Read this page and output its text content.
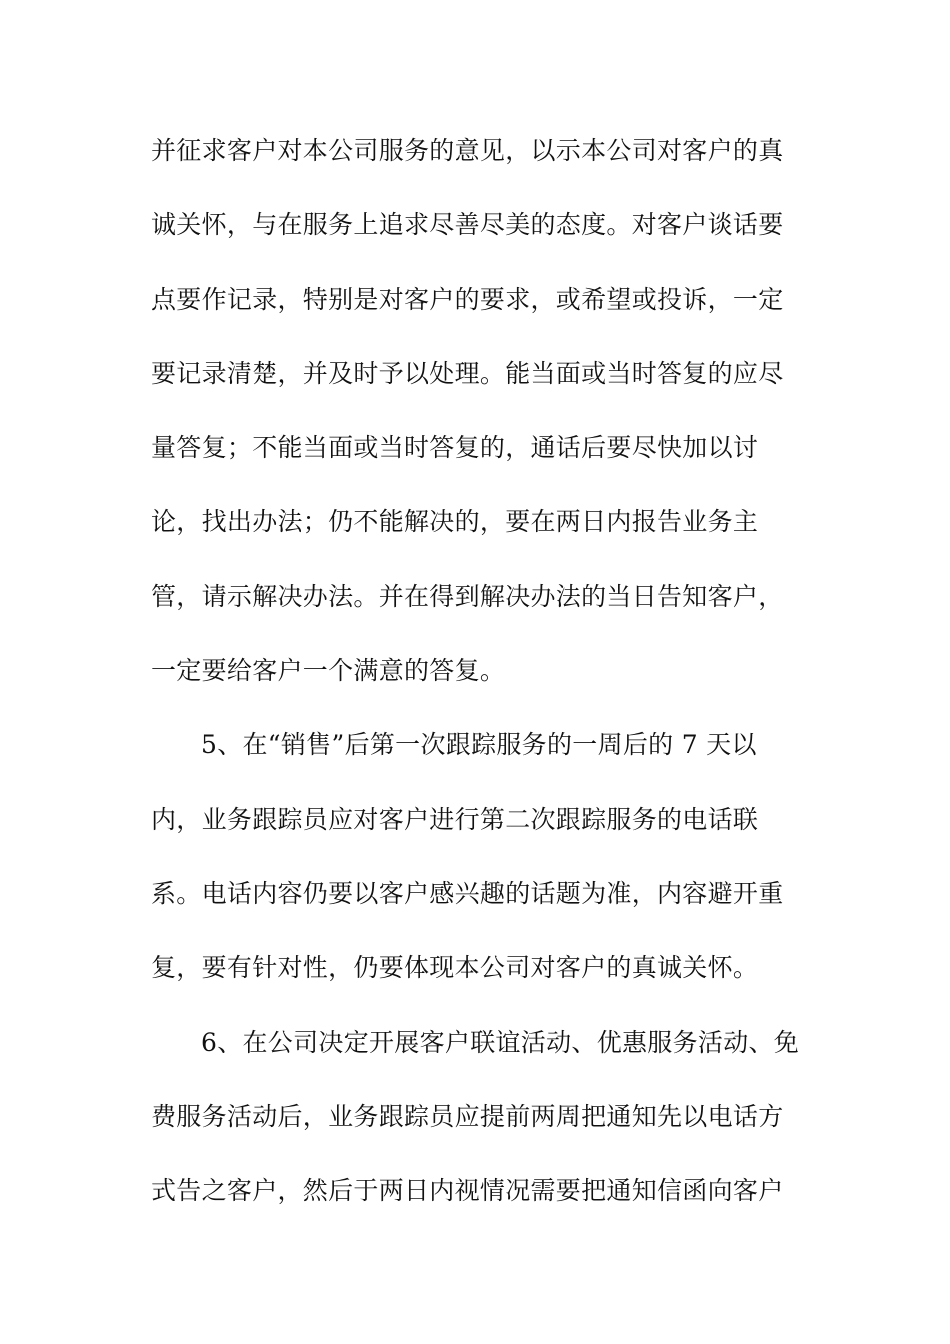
并征求客户对本公司服务的意见，以示本公司对客户的真
诚关怀，与在服务上追求尽善尽美的态度。对客户谈话要
点要作记录，特别是对客户的要求，或希望或投诉，一定
要记录清楚，并及时予以处理。能当面或当时答复的应尽
量答复；不能当面或当时答复的，通话后要尽快加以讨
论，找出办法；仍不能解决的，要在两日内报告业务主
管，请示解决办法。并在得到解决办法的当日告知客户，
一定要给客户一个满意的答复。
5、在“销售”后第一次跟踪服务的一周后的 7 天以
内，业务跟踪员应对客户进行第二次跟踪服务的电话联
系。电话内容仍要以客户感兴趣的话题为准，内容避开重
复，要有针对性，仍要体现本公司对客户的真诚关怀。
6、在公司决定开展客户联谊活动、优惠服务活动、免
费服务活动后，业务跟踪员应提前两周把通知先以电话方
式告之客户，然后于两日内视情况需要把通知信函向客户
